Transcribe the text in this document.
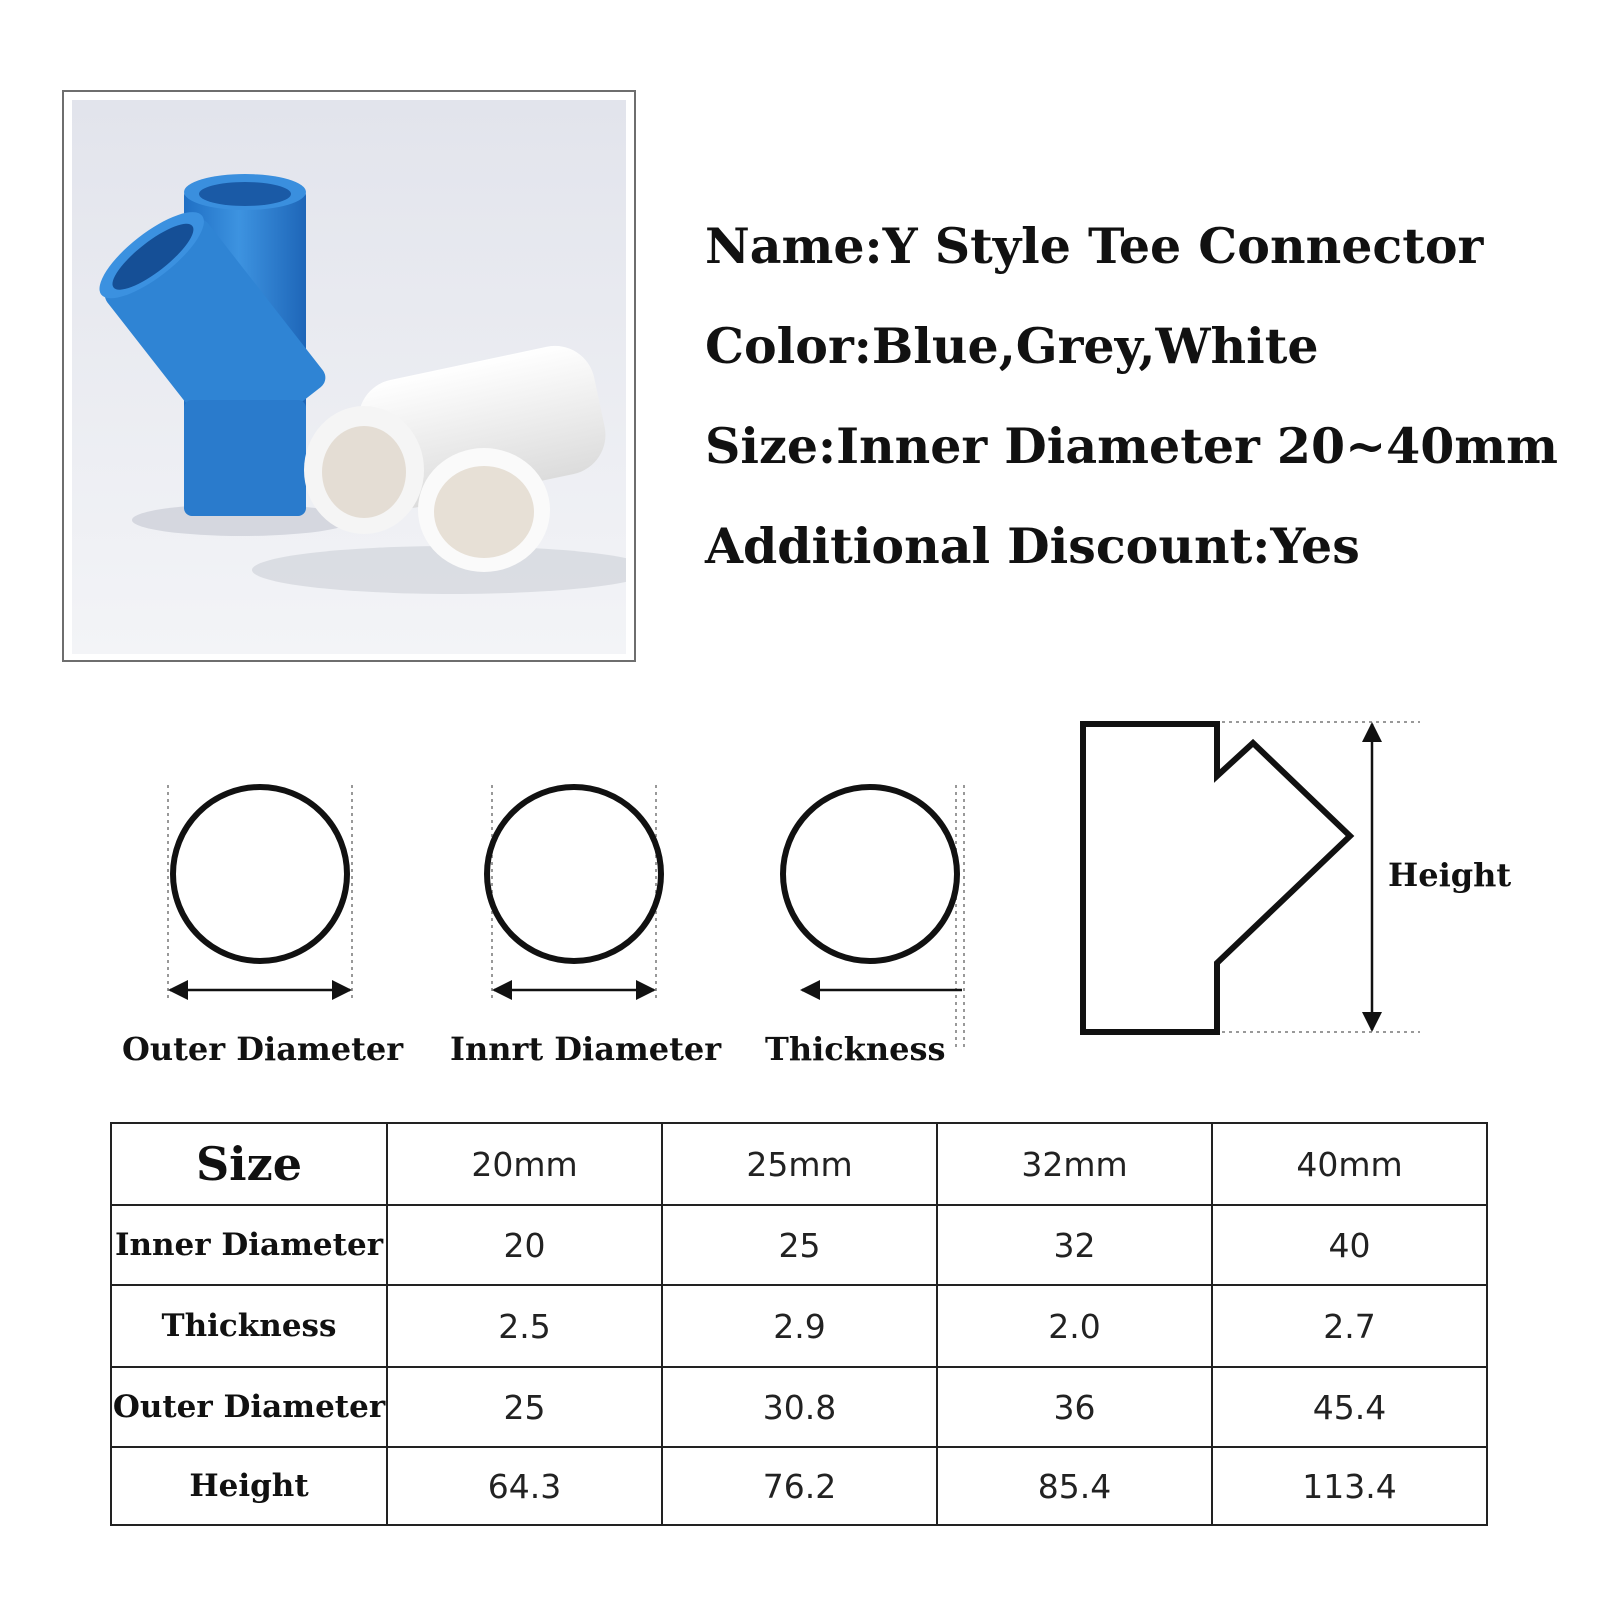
Name:Y Style Tee Connector
Color:Blue,Grey,White
Size:Inner Diameter 20~40mm
Additional Discount:Yes
Outer Diameter Innrt Diameter Thickness
Height
Size	20mm	25mm	32mm	40mm
Inner Diameter	20	25	32	40
Thickness	2.5	2.9	2.0	2.7
Outer Diameter	25	30.8	36	45.4
Height	64.3	76.2	85.4	113.4
